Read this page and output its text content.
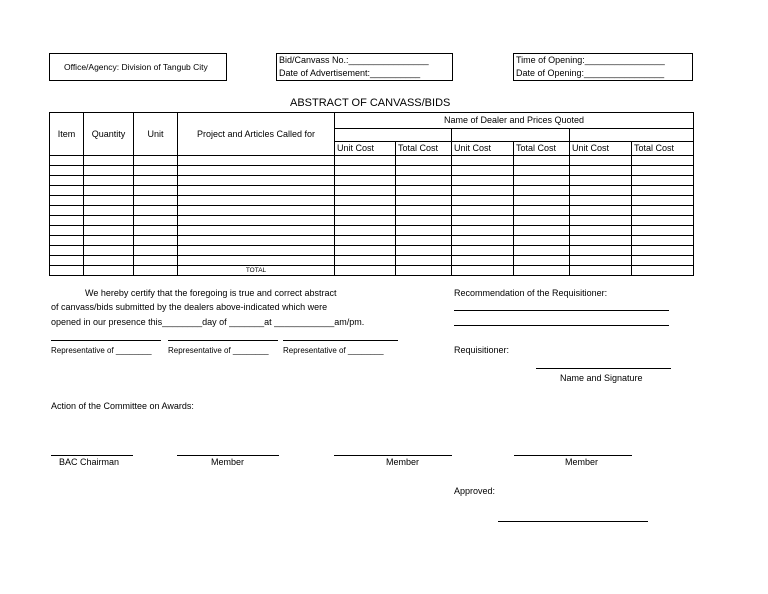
Office/Agency: Division of Tangub City
Bid/Canvass No.:________________
Date of Advertisement:__________
Time of Opening:________________
Date of Opening:________________
ABSTRACT OF CANVASS/BIDS
Item	Quantity	Unit	Project and Articles Called for	Name of Dealer and Prices Quoted					

				Unit Cost	Total Cost	Unit Cost	Total Cost	Unit Cost	Total Cost

			TOTAL						
We hereby certify that the foregoing is true and correct abstract
of canvass/bids submitted by the dealers above-indicated which were
opened in our presence this________day of _______at ____________am/pm.
Representative of ________ Representative of ________ Representative of ________
Recommendation of the Requisitioner:
Requisitioner:
Name and Signature
Action of the Committee on Awards:
BAC Chairman	Member	Member	Member
Approved:
